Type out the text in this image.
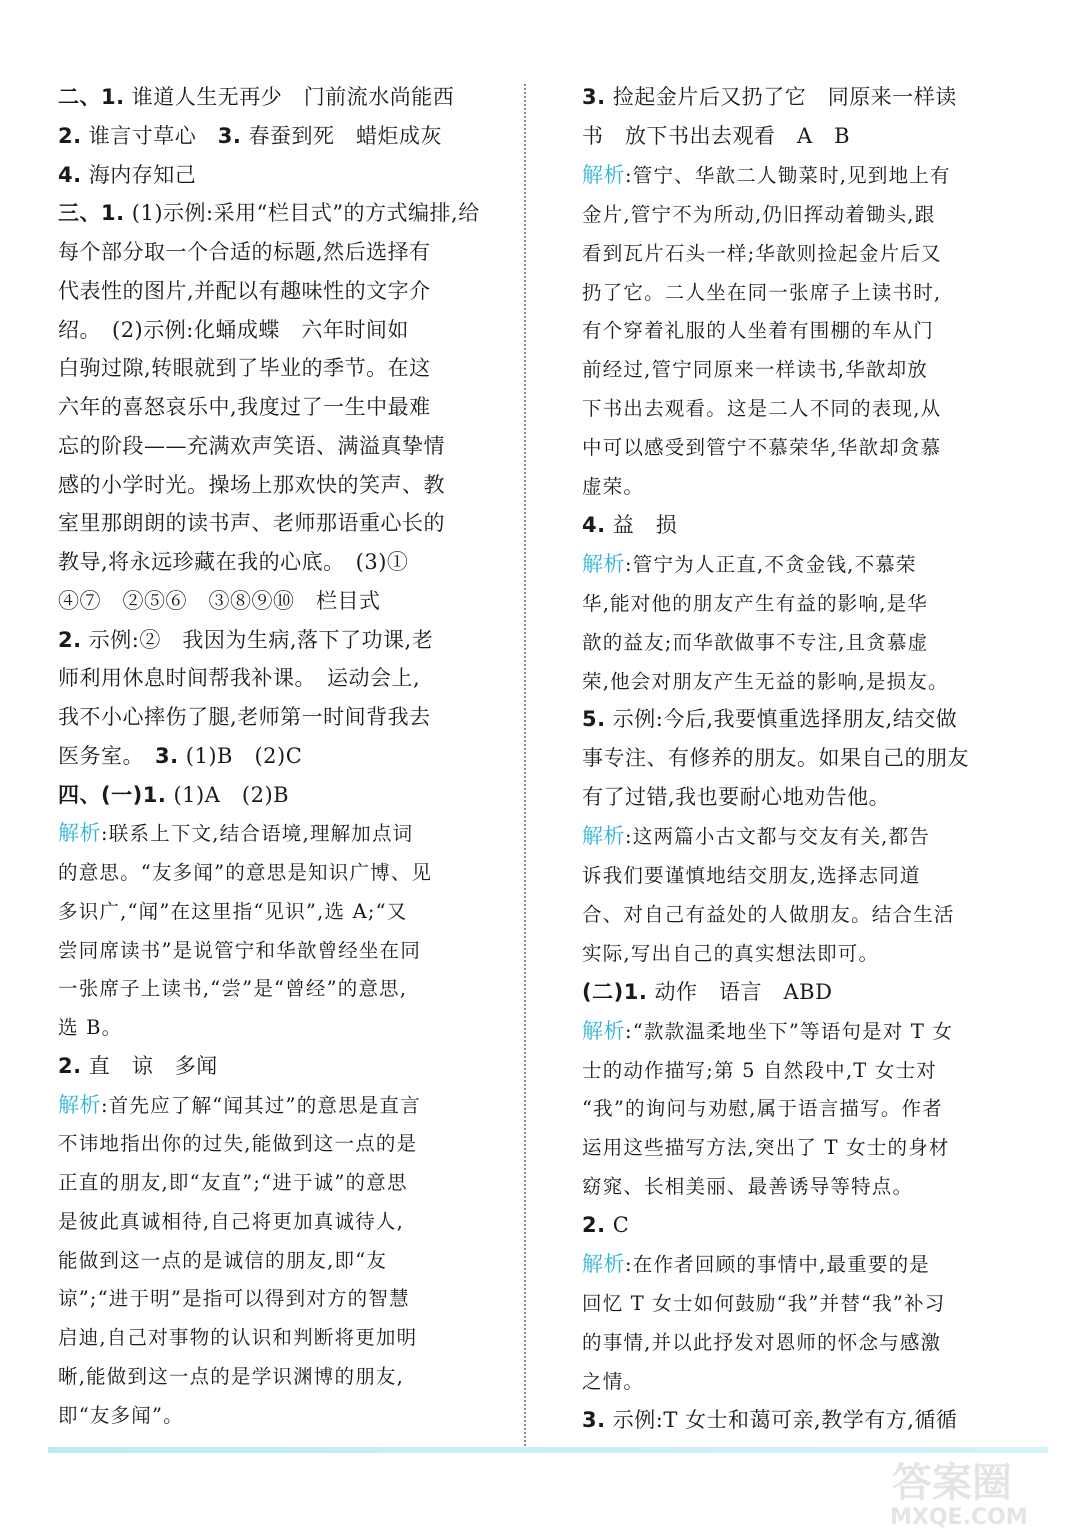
二、1. 谁道人生无再少　门前流水尚能西
2. 谁言寸草心　3. 春蚕到死　蜡炬成灰
4. 海内存知己
三、1. (1)示例:采用“栏目式”的方式编排,给
每个部分取一个合适的标题,然后选择有
代表性的图片,并配以有趣味性的文字介
绍。　(2)示例:化蛹成蝶　六年时间如
白驹过隙,转眼就到了毕业的季节。在这
六年的喜怒哀乐中,我度过了一生中最难
忘的阶段——充满欢声笑语、满溢真挚情
感的小学时光。操场上那欢快的笑声、教
室里那朗朗的读书声、老师那语重心长的
教导,将永远珍藏在我的心底。　(3)①
④⑦　②⑤⑥　③⑧⑨⑩　栏目式
2. 示例:②　我因为生病,落下了功课,老
师利用休息时间帮我补课。　运动会上,
我不小心摔伤了腿,老师第一时间背我去
医务室。　3. (1)B　(2)C
四、(一)1. (1)A　(2)B
解析:联系上下文,结合语境,理解加点词
的意思。“友多闻”的意思是知识广博、见
多识广,“闻”在这里指“见识”,选 A;“又
尝同席读书”是说管宁和华歆曾经坐在同
一张席子上读书,“尝”是“曾经”的意思,
选 B。
2. 直　谅　多闻
解析:首先应了解“闻其过”的意思是直言
不讳地指出你的过失,能做到这一点的是
正直的朋友,即“友直”;“进于诚”的意思
是彼此真诚相待,自己将更加真诚待人,
能做到这一点的是诚信的朋友,即“友
谅”;“进于明”是指可以得到对方的智慧
启迪,自己对事物的认识和判断将更加明
晰,能做到这一点的是学识渊博的朋友,
即“友多闻”。
3. 捡起金片后又扔了它　同原来一样读
书　放下书出去观看　A　B
解析:管宁、华歆二人锄菜时,见到地上有
金片,管宁不为所动,仍旧挥动着锄头,跟
看到瓦片石头一样;华歆则捡起金片后又
扔了它。二人坐在同一张席子上读书时,
有个穿着礼服的人坐着有围棚的车从门
前经过,管宁同原来一样读书,华歆却放
下书出去观看。这是二人不同的表现,从
中可以感受到管宁不慕荣华,华歆却贪慕
虚荣。
4. 益　损
解析:管宁为人正直,不贪金钱,不慕荣
华,能对他的朋友产生有益的影响,是华
歆的益友;而华歆做事不专注,且贪慕虚
荣,他会对朋友产生无益的影响,是损友。
5. 示例:今后,我要慎重选择朋友,结交做
事专注、有修养的朋友。如果自己的朋友
有了过错,我也要耐心地劝告他。
解析:这两篇小古文都与交友有关,都告
诉我们要谨慎地结交朋友,选择志同道
合、对自己有益处的人做朋友。结合生活
实际,写出自己的真实想法即可。
(二)1. 动作　语言　ABD
解析:“款款温柔地坐下”等语句是对 T 女
士的动作描写;第 5 自然段中,T 女士对
“我”的询问与劝慰,属于语言描写。作者
运用这些描写方法,突出了 T 女士的身材
窈窕、长相美丽、最善诱导等特点。
2. C
解析:在作者回顾的事情中,最重要的是
回忆 T 女士如何鼓励“我”并替“我”补习
的事情,并以此抒发对恩师的怀念与感激
之情。
3. 示例:T 女士和蔼可亲,教学有方,循循
答案圈
MXQE.COM
